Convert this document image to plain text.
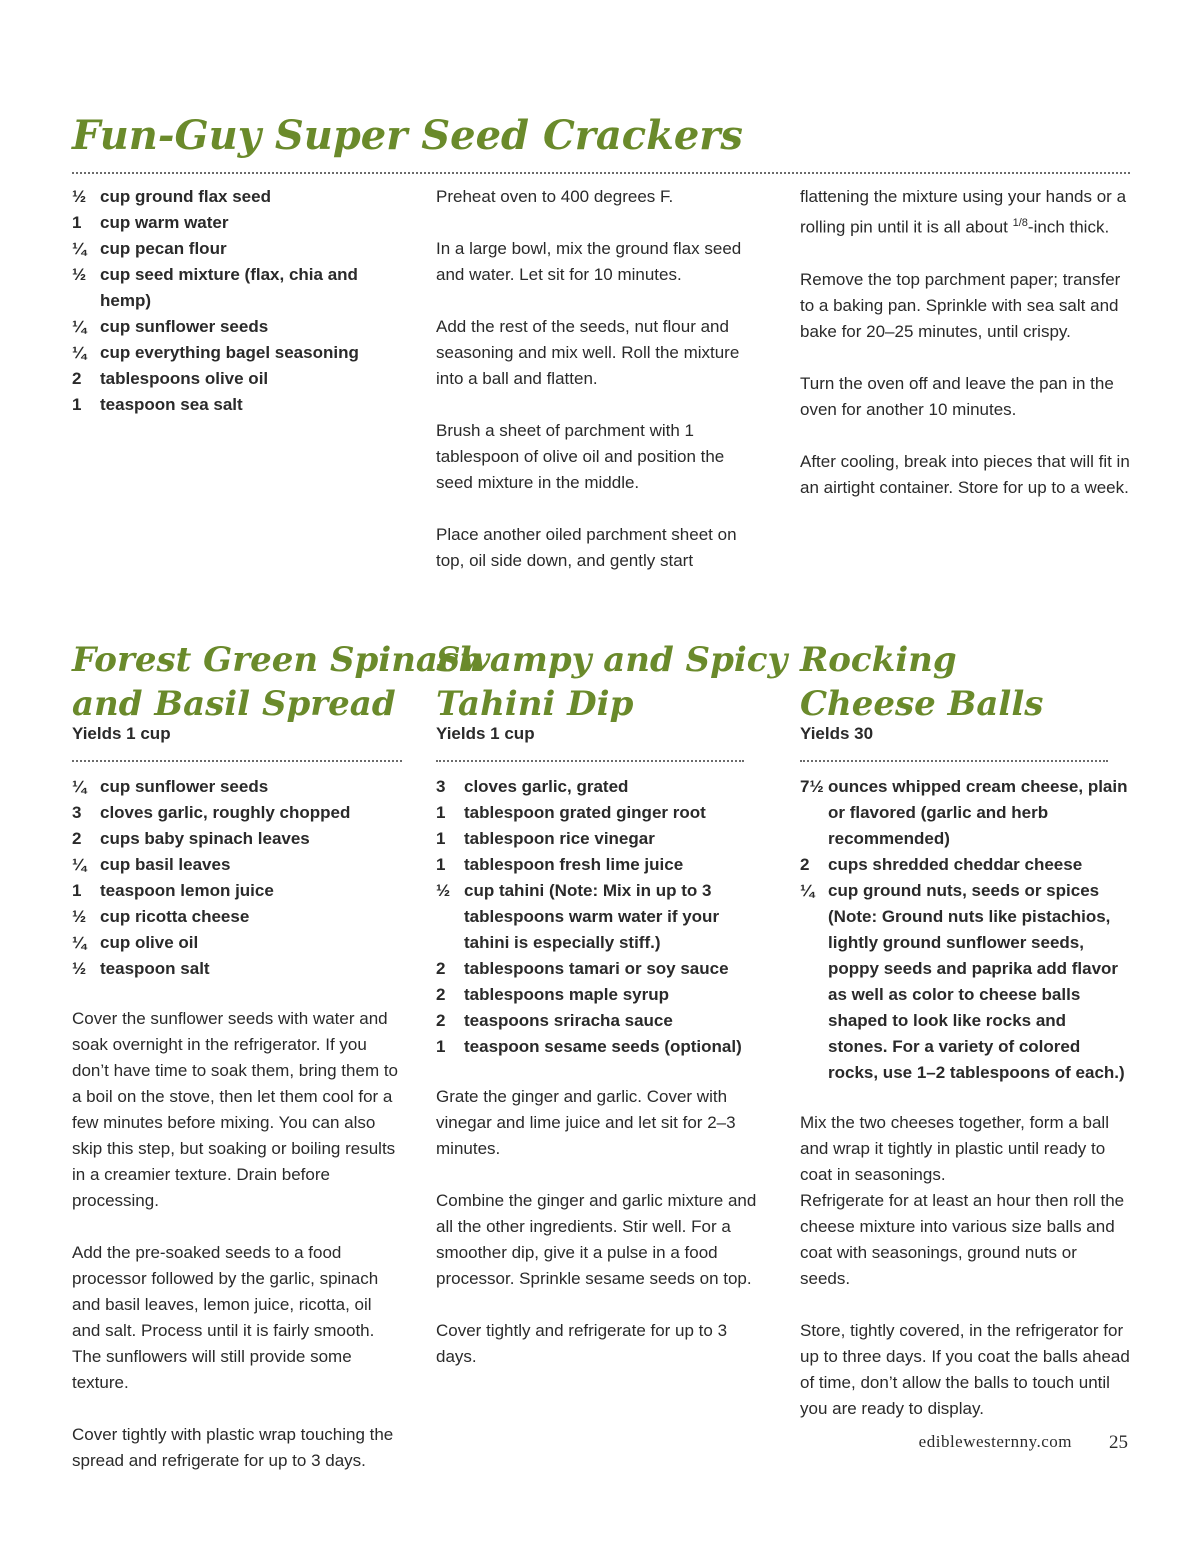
Fun-Guy Super Seed Crackers
½ cup ground flax seed
1 cup warm water
¼ cup pecan flour
½ cup seed mixture (flax, chia and hemp)
¼ cup sunflower seeds
¼ cup everything bagel seasoning
2 tablespoons olive oil
1 teaspoon sea salt

Preheat oven to 400 degrees F.

In a large bowl, mix the ground flax seed and water. Let sit for 10 minutes.

Add the rest of the seeds, nut flour and seasoning and mix well. Roll the mixture into a ball and flatten.

Brush a sheet of parchment with 1 tablespoon of olive oil and position the seed mixture in the middle.

Place another oiled parchment sheet on top, oil side down, and gently start

flattening the mixture using your hands or a rolling pin until it is all about $^{1/8}$-inch thick.

Remove the top parchment paper; transfer to a baking pan. Sprinkle with sea salt and bake for 20–25 minutes, until crispy.

Turn the oven off and leave the pan in the oven for another 10 minutes.

After cooling, break into pieces that will fit in an airtight container. Store for up to a week.

Forest Green Spinach
and Basil Spread
Yields 1 cup
¼ cup sunflower seeds
3 cloves garlic, roughly chopped
2 cups baby spinach leaves
¼ cup basil leaves
1 teaspoon lemon juice
½ cup ricotta cheese
¼ cup olive oil
½ teaspoon salt

Cover the sunflower seeds with water and soak overnight in the refrigerator. If you don’t have time to soak them, bring them to a boil on the stove, then let them cool for a few minutes before mixing. You can also skip this step, but soaking or boiling results in a creamier texture. Drain before processing.

Add the pre-soaked seeds to a food processor followed by the garlic, spinach and basil leaves, lemon juice, ricotta, oil and salt. Process until it is fairly smooth. The sunflowers will still provide some texture.

Cover tightly with plastic wrap touching the spread and refrigerate for up to 3 days.

Swampy and Spicy
Tahini Dip
Yields 1 cup
3 cloves garlic, grated
1 tablespoon grated ginger root
1 tablespoon rice vinegar
1 tablespoon fresh lime juice
½ cup tahini (Note: Mix in up to 3 tablespoons warm water if your tahini is especially stiff.)
2 tablespoons tamari or soy sauce
2 tablespoons maple syrup
2 teaspoons sriracha sauce
1 teaspoon sesame seeds (optional)

Grate the ginger and garlic. Cover with vinegar and lime juice and let sit for 2–3 minutes.

Combine the ginger and garlic mixture and all the other ingredients. Stir well. For a smoother dip, give it a pulse in a food processor. Sprinkle sesame seeds on top.

Cover tightly and refrigerate for up to 3 days.

Rocking
Cheese Balls
Yields 30
7½ ounces whipped cream cheese, plain or flavored (garlic and herb recommended)
2 cups shredded cheddar cheese
¼ cup ground nuts, seeds or spices (Note: Ground nuts like pistachios, lightly ground sunflower seeds, poppy seeds and paprika add flavor as well as color to cheese balls shaped to look like rocks and stones. For a variety of colored rocks, use 1–2 tablespoons of each.)

Mix the two cheeses together, form a ball and wrap it tightly in plastic until ready to coat in seasonings.

Refrigerate for at least an hour then roll the cheese mixture into various size balls and coat with seasonings, ground nuts or seeds.

Store, tightly covered, in the refrigerator for up to three days. If you coat the balls ahead of time, don’t allow the balls to touch until you are ready to display.

ediblewesternny.com 25
